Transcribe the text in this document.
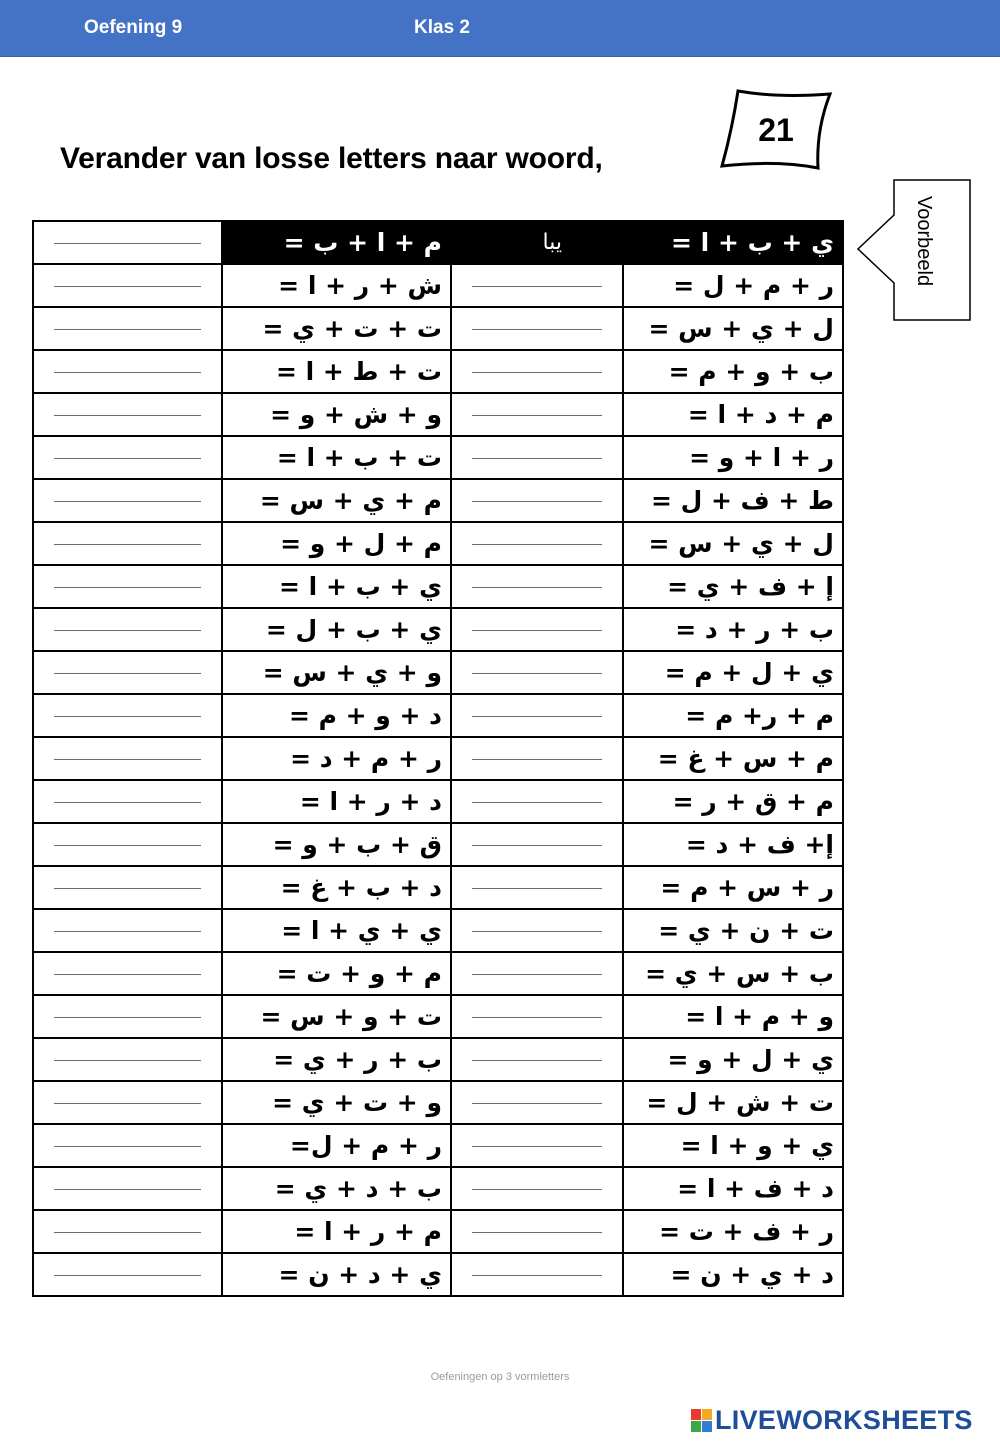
Oefening 9	Klas 2
Verander van losse letters naar woord,
21
Voorbeeld
	م + ا + ب =	يبا	ي + ب + ا =

	ش + ر + ا =		ر + م + ل =

	ت + ت + ي =		ل + ي + س =

	ت + ط + ا =		ب + و + م =

	و + ش + و =		م + د + ا =

	ت + ب + ا =		ر + ا + و =

	م + ي + س =		ط + ف + ل =

	م + ل + و =		ل + ي + س =

	ي + ب + ا =		إ + ف + ي =

	ي + ب + ل =		ب + ر + د =

	و + ي + س =		ي + ل + م =

	د + و + م =		م + ر+ م =

	ر + م + د =		م + س + غ =

	د + ر + ا =		م + ق + ر =

	ق + ب + و =		إ+ ف + د =

	د + ب + غ =		ر + س + م =

	ي + ي + ا =		ت + ن + ي =

	م + و + ت =		ب + س + ي =

	ت + و + س =		و + م + ا =

	ب + ر + ي =		ي + ل + و =

	و + ت + ي =		ت + ش + ل =

	ر + م + ل=		ي + و + ا =

	ب + د + ي =		د + ف + ا =

	م + ر + ا =		ر + ف + ت =

	ي + د + ن =		د + ي + ن =
Oefeningen op 3 vormletters
LIVEWORKSHEETS
